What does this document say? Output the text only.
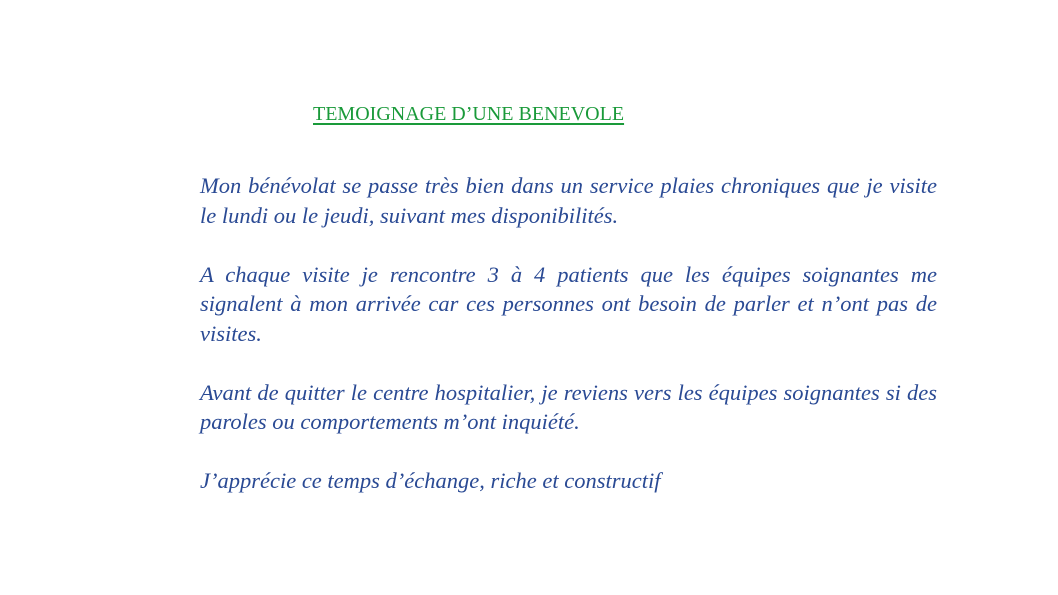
TEMOIGNAGE D’UNE BENEVOLE

Mon bénévolat se passe très bien dans un service plaies chroniques que je visite le lundi ou le jeudi, suivant mes disponibilités.

A chaque visite je rencontre 3 à 4 patients que les équipes soignantes me signalent à mon arrivée car ces personnes ont besoin de parler et n’ont pas de visites.

Avant de quitter le centre hospitalier, je reviens vers les équipes soignantes si des paroles ou comportements m’ont inquiété.

J’apprécie ce temps d’échange, riche et constructif
